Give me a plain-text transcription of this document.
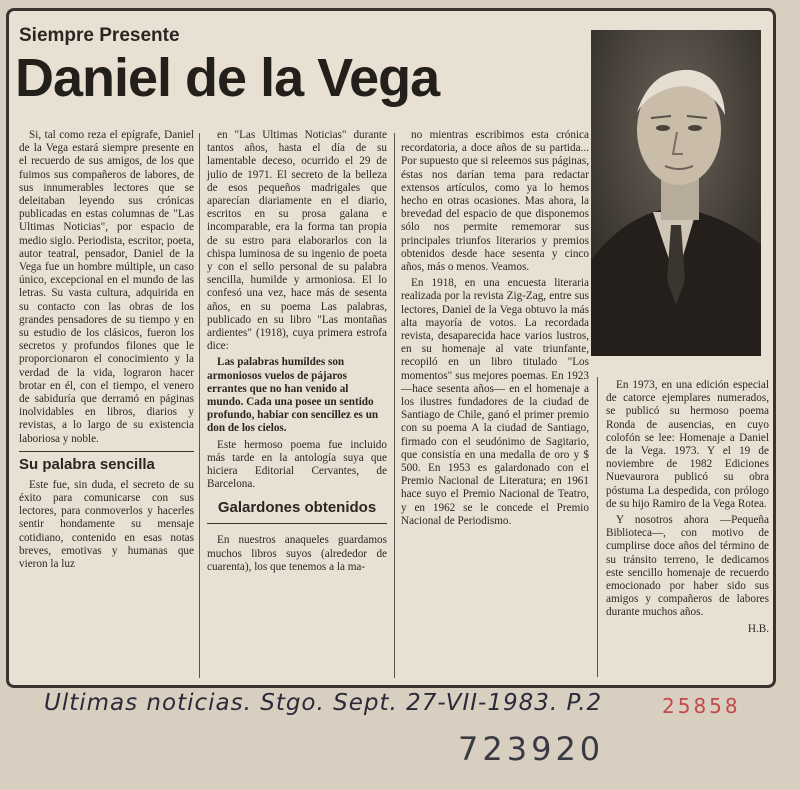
Siempre Presente
Daniel de la Vega

Si, tal como reza el epígrafe, Daniel de la Vega estará siempre presente en el recuerdo de sus amigos, de los que fuimos sus compañeros de labores, de sus innumerables lectores que se deleitaban leyendo sus crónicas publicadas en estas columnas de "Las Ultimas Noticias", por espacio de medio siglo. Periodista, escritor, poeta, autor teatral, pensador, Daniel de la Vega fue un hombre múltiple, un caso único, excepcional en el mundo de las letras. Su vasta cultura, adquirida en su contacto con las obras de los grandes pensadores de su tiempo y en su estudio de los clásicos, fueron los secretos y profundos filones que le proporcionaron el conocimiento y la verdad de la vida, lograron hacer brotar en él, con el tiempo, el venero de sabiduría que derramó en páginas inolvidables en libros, diarios y revistas, a lo largo de su existencia laboriosa y noble.

Su palabra sencilla

Este fue, sin duda, el secreto de su éxito para comunicarse con sus lectores, para conmoverlos y hacerles sentir hondamente su mensaje cotidiano, contenido en esas notas breves, emotivas y humanas que vieron la luz

en "Las Ultimas Noticias" durante tantos años, hasta el día de su lamentable deceso, ocurrido el 29 de julio de 1971. El secreto de la belleza de esos pequeños madrigales que aparecían diariamente en el diario, escritos en su prosa galana e incomparable, era la forma tan propia de su estro para elaborarlos con la chispa luminosa de su ingenio de poeta y con el sello personal de su palabra sencilla, humilde y armoniosa. El lo confesó una vez, hace más de sesenta años, en su poema Las palabras, publicado en su libro "Las montañas ardientes" (1918), cuya primera estrofa dice:

Las palabras humildes son armoniosos vuelos de pájaros errantes que no han venido al mundo. Cada una posee un sentido profundo, habiar con sencillez es un don de los cielos.

Este hermoso poema fue incluido más tarde en la antología suya que hiciera Editorial Cervantes, de Barcelona.

Galardones obtenidos

En nuestros anaqueles guardamos muchos libros suyos (alrededor de cuarenta), los que tenemos a la ma-

no mientras escribimos esta crónica recordatoria, a doce años de su partida... Por supuesto que si releemos sus páginas, éstas nos darían tema para redactar extensos artículos, como ya lo hemos hecho en otras ocasiones. Mas ahora, la brevedad del espacio de que disponemos sólo nos permite rememorar sus principales triunfos literarios y premios obtenidos desde hace sesenta y cinco años, más o menos. Veamos.

En 1918, en una encuesta literaria realizada por la revista Zig-Zag, entre sus lectores, Daniel de la Vega obtuvo la más alta mayoría de votos. La recordada revista, desaparecida hace varios lustros, en su homenaje al vate triunfante, recopiló en un libro titulado "Los momentos" sus mejores poemas. En 1923 —hace sesenta años— en el homenaje a los ilustres fundadores de la ciudad de Santiago de Chile, ganó el primer premio con su poema A la ciudad de Santiago, firmado con el seudónimo de Sagitario, que consistía en una medalla de oro y $ 500. En 1953 es galardonado con el Premio Nacional de Literatura; en 1961 hace suyo el Premio Nacional de Teatro, y en 1962 se le concede el Premio Nacional de Periodismo.

En 1973, en una edición especial de catorce ejemplares numerados, se publicó su hermoso poema Ronda de ausencias, en cuyo colofón se lee: Homenaje a Daniel de la Vega. 1973. Y el 19 de noviembre de 1982 Ediciones Nuevaurora publicó su obra póstuma La despedida, con prólogo de su hijo Ramiro de la Vega Rotea.

Y nosotros ahora —Pequeña Biblioteca—, con motivo de cumplirse doce años del término de su tránsito terreno, le dedicamos este sencillo homenaje de recuerdo emocionado por haber sido sus amigos y compañeros de labores durante muchos años.

H.B.

Ultimas noticias. Stgo. Sept. 27-VII-1983. P.2	25858
723920
